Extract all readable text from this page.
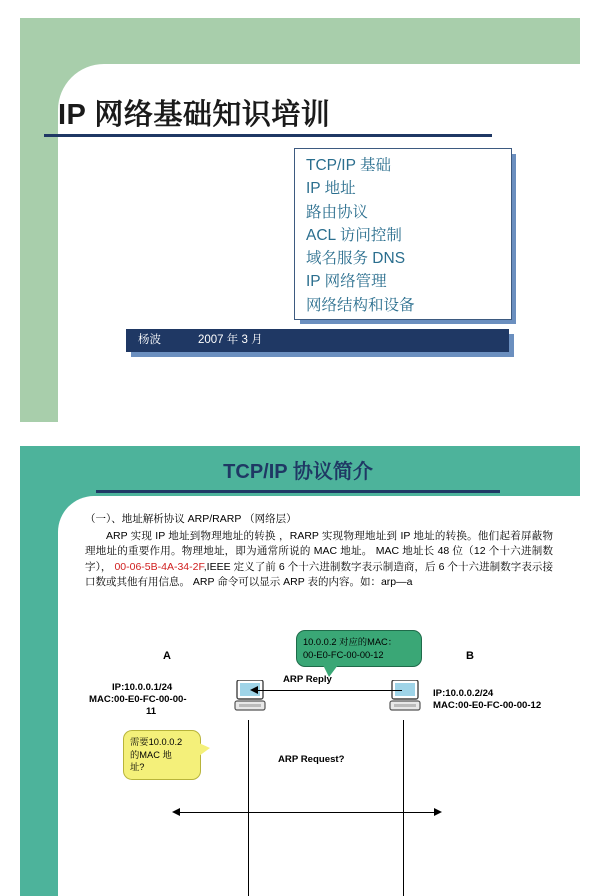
IP 网络基础知识培训
TCP/IP 基础
IP 地址
路由协议
ACL 访问控制
域名服务 DNS
IP 网络管理
网络结构和设备
杨波	2007 年 3 月
TCP/IP 协议简介
（一）、地址解析协议 ARP/RARP （网络层）
ARP 实现 IP 地址到物理地址的转换 ，RARP 实现物理地址到 IP 地址的转换。他们起着屏蔽物理地址的重要作用。物理地址，即为通常所说的 MAC 地址。 MAC 地址长 48 位（12 个十六进制数字）， 00-06-5B-4A-34-2F,IEEE 定义了前 6 个十六进制数字表示制造商，后 6 个十六进制数字表示接口数或其他有用信息。 ARP 命令可以显示 ARP 表的内容。如：arp—a
A	B
IP:10.0.0.1/24
MAC:00-E0-FC-00-00-
11
IP:10.0.0.2/24
MAC:00-E0-FC-00-00-12
10.0.0.2 对应的MAC：
00-E0-FC-00-00-12
需要10.0.0.2
的MAC 地
址?
ARP Reply
ARP Request?
